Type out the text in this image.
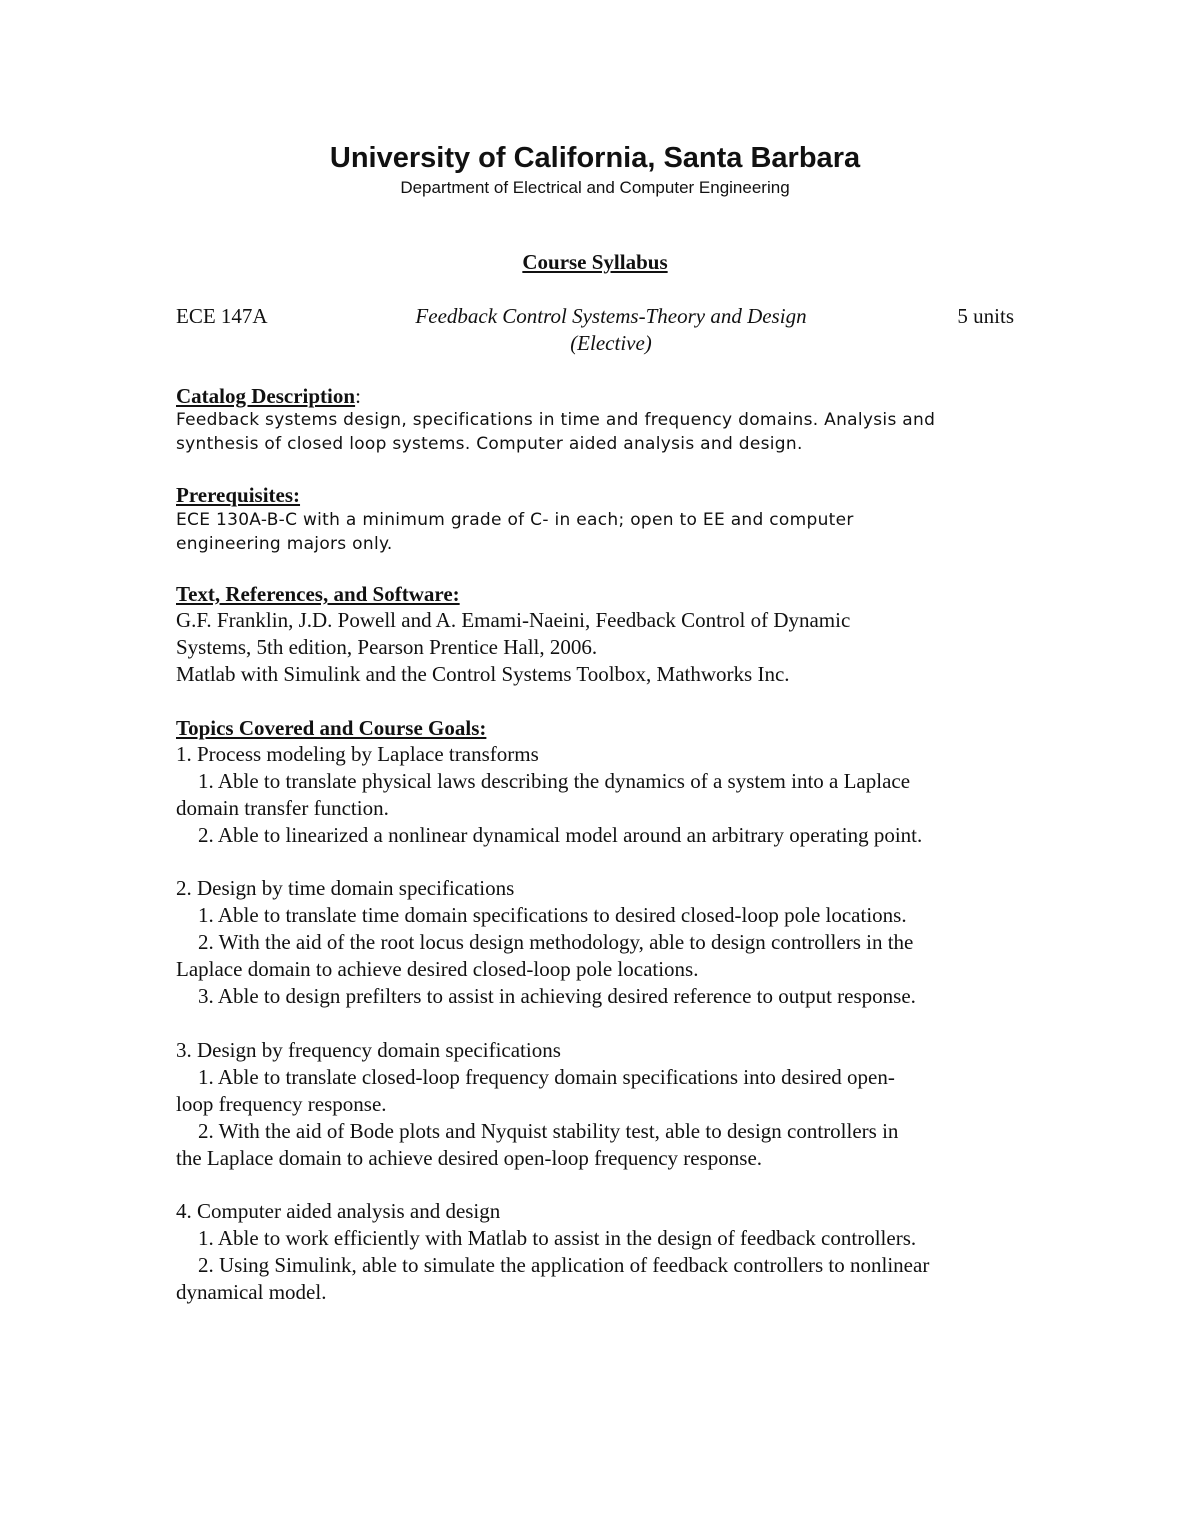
University of California, Santa Barbara
Department of Electrical and Computer Engineering
Course Syllabus
ECE 147A	Feedback Control Systems-Theory and Design
(Elective)
5 units
Catalog Description:

Feedback systems design, specifications in time and frequency domains. Analysis and

synthesis of closed loop systems. Computer aided analysis and design.

Prerequisites:

ECE 130A-B-C with a minimum grade of C- in each; open to EE and computer

engineering majors only.

Text, References, and Software:

G.F. Franklin, J.D. Powell and A. Emami-Naeini, Feedback Control of Dynamic

Systems, 5th edition, Pearson Prentice Hall, 2006.

Matlab with Simulink and the Control Systems Toolbox, Mathworks Inc.

Topics Covered and Course Goals:

1. Process modeling by Laplace transforms

1. Able to translate physical laws describing the dynamics of a system into a Laplace

domain transfer function.

2. Able to linearized a nonlinear dynamical model around an arbitrary operating point.

2. Design by time domain specifications

1. Able to translate time domain specifications to desired closed-loop pole locations.

2. With the aid of the root locus design methodology, able to design controllers in the

Laplace domain to achieve desired closed-loop pole locations.

3. Able to design prefilters to assist in achieving desired reference to output response.

3. Design by frequency domain specifications

1. Able to translate closed-loop frequency domain specifications into desired open-

loop frequency response.

2. With the aid of Bode plots and Nyquist stability test, able to design controllers in

the Laplace domain to achieve desired open-loop frequency response.

4. Computer aided analysis and design

1. Able to work efficiently with Matlab to assist in the design of feedback controllers.

2. Using Simulink, able to simulate the application of feedback controllers to nonlinear

dynamical model.
